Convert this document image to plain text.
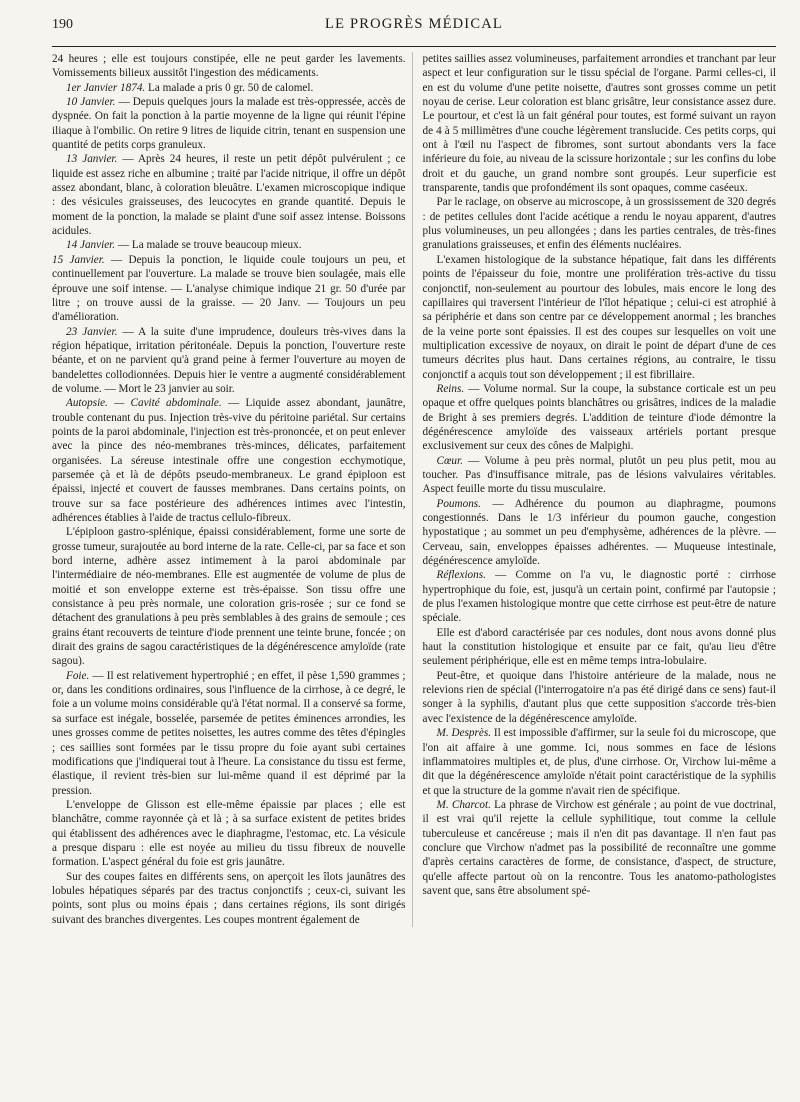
190	LE PROGRÈS MÉDICAL

24 heures ; elle est toujours constipée, elle ne peut garder les lavements. Vomissements bilieux aussitôt l'ingestion des médicaments.

1er Janvier 1874. La malade a pris 0 gr. 50 de calomel.

10 Janvier. — Depuis quelques jours la malade est très-oppressée, accès de dyspnée. On fait la ponction à la partie moyenne de la ligne qui réunit l'épine iliaque à l'ombilic. On retire 9 litres de liquide citrin, tenant en suspension une quantité de petits corps granuleux.

13 Janvier. — Après 24 heures, il reste un petit dépôt pulvérulent ; ce liquide est assez riche en albumine ; traité par l'acide nitrique, il offre un dépôt assez abondant, blanc, à coloration bleuâtre. L'examen microscopique indique : des vésicules graisseuses, des leucocytes en grande quantité. Depuis le moment de la ponction, la malade se plaint d'une soif assez intense. Boissons acidules.

14 Janvier. — La malade se trouve beaucoup mieux.

15 Janvier. — Depuis la ponction, le liquide coule toujours un peu, et continuellement par l'ouverture. La malade se trouve bien soulagée, mais elle éprouve une soif intense. — L'analyse chimique indique 21 gr. 50 d'urée par litre ; on trouve aussi de la graisse. — 20 Janv. — Toujours un peu d'amélioration.

23 Janvier. — A la suite d'une imprudence, douleurs très-vives dans la région hépatique, irritation péritonéale. Depuis la ponction, l'ouverture reste béante, et on ne parvient qu'à grand peine à fermer l'ouverture au moyen de bandelettes collodionnées. Depuis hier le ventre a augmenté considérablement de volume. — Mort le 23 janvier au soir.

Autopsie. — Cavité abdominale. — Liquide assez abondant, jaunâtre, trouble contenant du pus. Injection très-vive du péritoine pariétal. Sur certains points de la paroi abdominale, l'injection est très-prononcée, et on peut enlever avec la pince des néo-membranes très-minces, délicates, parfaitement organisées. La séreuse intestinale offre une congestion ecchymotique, parsemée çà et là de dépôts pseudo-membraneux. Le grand épiploon est épaissi, injecté et couvert de fausses membranes. Dans certains points, on trouve sur sa face postérieure des adhérences intimes avec l'intestin, adhérences établies à l'aide de tractus cellulo-fibreux.

L'épiploon gastro-splénique, épaissi considérablement, forme une sorte de grosse tumeur, surajoutée au bord interne de la rate. Celle-ci, par sa face et son bord interne, adhère assez intimement à la paroi abdominale par l'intermédiaire de néo-membranes. Elle est augmentée de volume de plus de moitié et son enveloppe externe est très-épaisse. Son tissu offre une consistance à peu près normale, une coloration gris-rosée ; sur ce fond se détachent des granulations à peu près semblables à des grains de semoule ; ces grains étant recouverts de teinture d'iode prennent une teinte brune, foncée ; on dirait des grains de sagou caractéristiques de la dégénérescence amyloïde (rate sagou).

Foie. — Il est relativement hypertrophié ; en effet, il pèse 1,590 grammes ; or, dans les conditions ordinaires, sous l'influence de la cirrhose, à ce degré, le foie a un volume moins considérable qu'à l'état normal. Il a conservé sa forme, sa surface est inégale, bosselée, parsemée de petites éminences arrondies, les unes grosses comme de petites noisettes, les autres comme des têtes d'épingles ; ces saillies sont formées par le tissu propre du foie ayant subi certaines modifications que j'indiquerai tout à l'heure. La consistance du tissu est ferme, élastique, il revient très-bien sur lui-même quand il est déprimé par la pression.

L'enveloppe de Glisson est elle-même épaissie par places ; elle est blanchâtre, comme rayonnée çà et là ; à sa surface existent de petites brides qui établissent des adhérences avec le diaphragme, l'estomac, etc. La vésicule a presque disparu : elle est noyée au milieu du tissu fibreux de nouvelle formation. L'aspect général du foie est gris jaunâtre.

Sur des coupes faites en différents sens, on aperçoit les îlots jaunâtres des lobules hépatiques séparés par des tractus conjonctifs ; ceux-ci, suivant les points, sont plus ou moins épais ; dans certaines régions, ils sont dirigés suivant des branches divergentes. Les coupes montrent également de

petites saillies assez volumineuses, parfaitement arrondies et tranchant par leur aspect et leur configuration sur le tissu spécial de l'organe. Parmi celles-ci, il en est du volume d'une petite noisette, d'autres sont grosses comme un petit noyau de cerise. Leur coloration est blanc grisâtre, leur consistance assez dure. Le pourtour, et c'est là un fait général pour toutes, est formé suivant un rayon de 4 à 5 millimètres d'une couche légèrement translucide. Ces petits corps, qui ont à l'œil nu l'aspect de fibromes, sont surtout abondants vers la face inférieure du foie, au niveau de la scissure horizontale ; sur les confins du lobe droit et du gauche, un grand nombre sont groupés. Leur superficie est transparente, tandis que profondément ils sont opaques, comme caséeux.

Par le raclage, on observe au microscope, à un grossissement de 320 degrés : de petites cellules dont l'acide acétique a rendu le noyau apparent, d'autres plus volumineuses, un peu allongées ; dans les parties centrales, de très-fines granulations graisseuses, et enfin des éléments nucléaires.

L'examen histologique de la substance hépatique, fait dans les différents points de l'épaisseur du foie, montre une prolifération très-active du tissu conjonctif, non-seulement au pourtour des lobules, mais encore le long des capillaires qui traversent l'intérieur de l'îlot hépatique ; celui-ci est atrophié à sa périphérie et dans son centre par ce développement anormal ; les branches de la veine porte sont épaissies. Il est des coupes sur lesquelles on voit une multiplication excessive de noyaux, on dirait le point de départ d'une de ces tumeurs décrites plus haut. Dans certaines régions, au contraire, le tissu conjonctif a acquis tout son développement ; il est fibrillaire.

Reins. — Volume normal. Sur la coupe, la substance corticale est un peu opaque et offre quelques points blanchâtres ou grisâtres, indices de la maladie de Bright à ses premiers degrés. L'addition de teinture d'iode démontre la dégénérescence amyloïde des vaisseaux artériels portant presque exclusivement sur ceux des cônes de Malpighi.

Cœur. — Volume à peu près normal, plutôt un peu plus petit, mou au toucher. Pas d'insuffisance mitrale, pas de lésions valvulaires véritables. Aspect feuille morte du tissu musculaire.

Poumons. — Adhérence du poumon au diaphragme, poumons congestionnés. Dans le 1/3 inférieur du poumon gauche, congestion hypostatique ; au sommet un peu d'emphysème, adhérences de la plèvre. — Cerveau, sain, enveloppes épaisses adhérentes. — Muqueuse intestinale, dégénérescence amyloïde.

Réflexions. — Comme on l'a vu, le diagnostic porté : cirrhose hypertrophique du foie, est, jusqu'à un certain point, confirmé par l'autopsie ; de plus l'examen histologique montre que cette cirrhose est peut-être de nature spéciale.

Elle est d'abord caractérisée par ces nodules, dont nous avons donné plus haut la constitution histologique et ensuite par ce fait, qu'au lieu d'être seulement périphérique, elle est en même temps intra-lobulaire.

Peut-être, et quoique dans l'histoire antérieure de la malade, nous ne relevions rien de spécial (l'interrogatoire n'a pas été dirigé dans ce sens) faut-il songer à la syphilis, d'autant plus que cette supposition s'accorde très-bien avec l'existence de la dégénérescence amyloïde.

M. Desprès. Il est impossible d'affirmer, sur la seule foi du microscope, que l'on ait affaire à une gomme. Ici, nous sommes en face de lésions inflammatoires multiples et, de plus, d'une cirrhose. Or, Virchow lui-même a dit que la dégénérescence amyloïde n'était point caractéristique de la syphilis et que la structure de la gomme n'avait rien de spécifique.

M. Charcot. La phrase de Virchow est générale ; au point de vue doctrinal, il est vrai qu'il rejette la cellule syphilitique, tout comme la cellule tuberculeuse et cancéreuse ; mais il n'en dit pas davantage. Il n'en faut pas conclure que Virchow n'admet pas la possibilité de reconnaître une gomme d'après certains caractères de forme, de consistance, d'aspect, de structure, qu'elle affecte partout où on la rencontre. Tous les anatomo-pathologistes savent que, sans être absolument spé-
